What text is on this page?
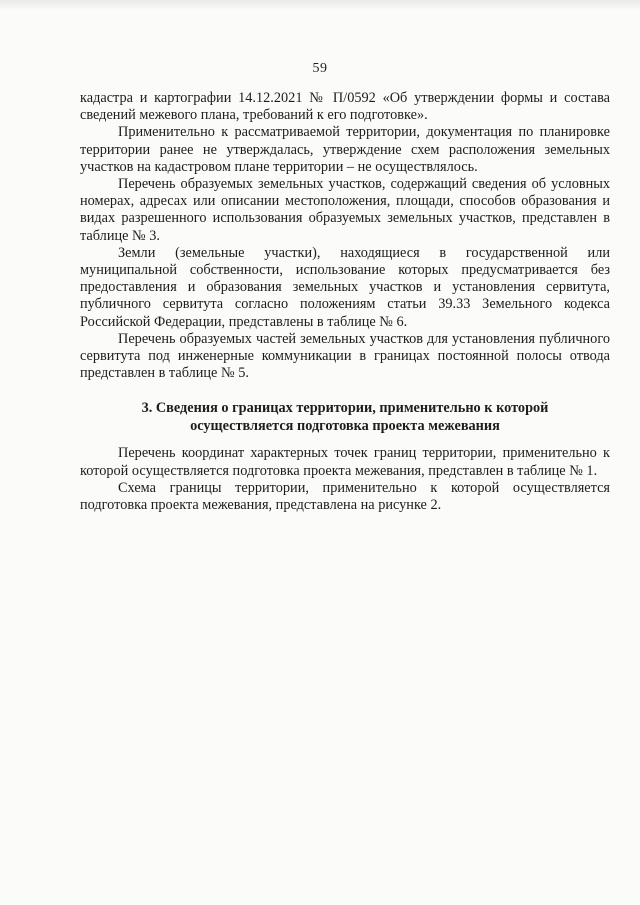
59

кадастра и картографии 14.12.2021 № П/0592 «Об утверждении формы и состава сведений межевого плана, требований к его подготовке».

Применительно к рассматриваемой территории, документация по планировке территории ранее не утверждалась, утверждение схем расположения земельных участков на кадастровом плане территории – не осуществлялось.

Перечень образуемых земельных участков, содержащий сведения об условных номерах, адресах или описании местоположения, площади, способов образования и видах разрешенного использования образуемых земельных участков, представлен в таблице № 3.

Земли (земельные участки), находящиеся в государственной или муниципальной собственности, использование которых предусматривается без предоставления и образования земельных участков и установления сервитута, публичного сервитута согласно положениям статьи 39.33 Земельного кодекса Российской Федерации, представлены в таблице № 6.

Перечень образуемых частей земельных участков для установления публичного сервитута под инженерные коммуникации в границах постоянной полосы отвода представлен в таблице № 5.

3. Сведения о границах территории, применительно к которой осуществляется подготовка проекта межевания

Перечень координат характерных точек границ территории, применительно к которой осуществляется подготовка проекта межевания, представлен в таблице № 1.

Схема границы территории, применительно к которой осуществляется подготовка проекта межевания, представлена на рисунке 2.
